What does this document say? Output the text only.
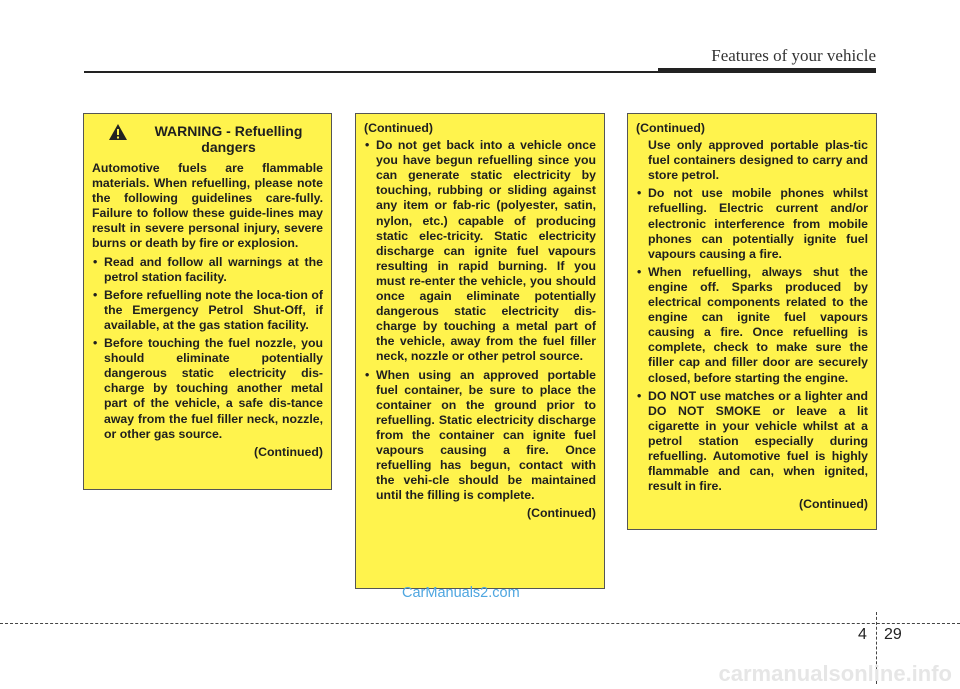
Features of your vehicle
WARNING - Refuelling dangers

Automotive fuels are flammable materials. When refuelling, please note the following guidelines care-fully. Failure to follow these guide-lines may result in severe personal injury, severe burns or death by fire or explosion.

• Read and follow all warnings at the petrol station facility.
• Before refuelling note the loca-tion of the Emergency Petrol Shut-Off, if available, at the gas station facility.
• Before touching the fuel nozzle, you should eliminate potentially dangerous static electricity dis-charge by touching another metal part of the vehicle, a safe dis-tance away from the fuel filler neck, nozzle, or other gas source.
(Continued)
(Continued)
• Do not get back into a vehicle once you have begun refuelling since you can generate static electricity by touching, rubbing or sliding against any item or fab-ric (polyester, satin, nylon, etc.) capable of producing static elec-tricity. Static electricity discharge can ignite fuel vapours resulting in rapid burning. If you must re-enter the vehicle, you should once again eliminate potentially dangerous static electricity dis-charge by touching a metal part of the vehicle, away from the fuel filler neck, nozzle or other petrol source.
• When using an approved portable fuel container, be sure to place the container on the ground prior to refuelling. Static electricity discharge from the container can ignite fuel vapours causing a fire. Once refuelling has begun, contact with the vehi-cle should be maintained until the filling is complete.
(Continued)
(Continued)

Use only approved portable plas-tic fuel containers designed to carry and store petrol.

• Do not use mobile phones whilst refuelling. Electric current and/or electronic interference from mobile phones can potentially ignite fuel vapours causing a fire.
• When refuelling, always shut the engine off. Sparks produced by electrical components related to the engine can ignite fuel vapours causing a fire. Once refuelling is complete, check to make sure the filler cap and filler door are securely closed, before starting the engine.
• DO NOT use matches or a lighter and DO NOT SMOKE or leave a lit cigarette in your vehicle whilst at a petrol station especially during refuelling. Automotive fuel is highly flammable and can, when ignited, result in fire.
(Continued)
CarManuals2.com
4 29
carmanualsonline.info
